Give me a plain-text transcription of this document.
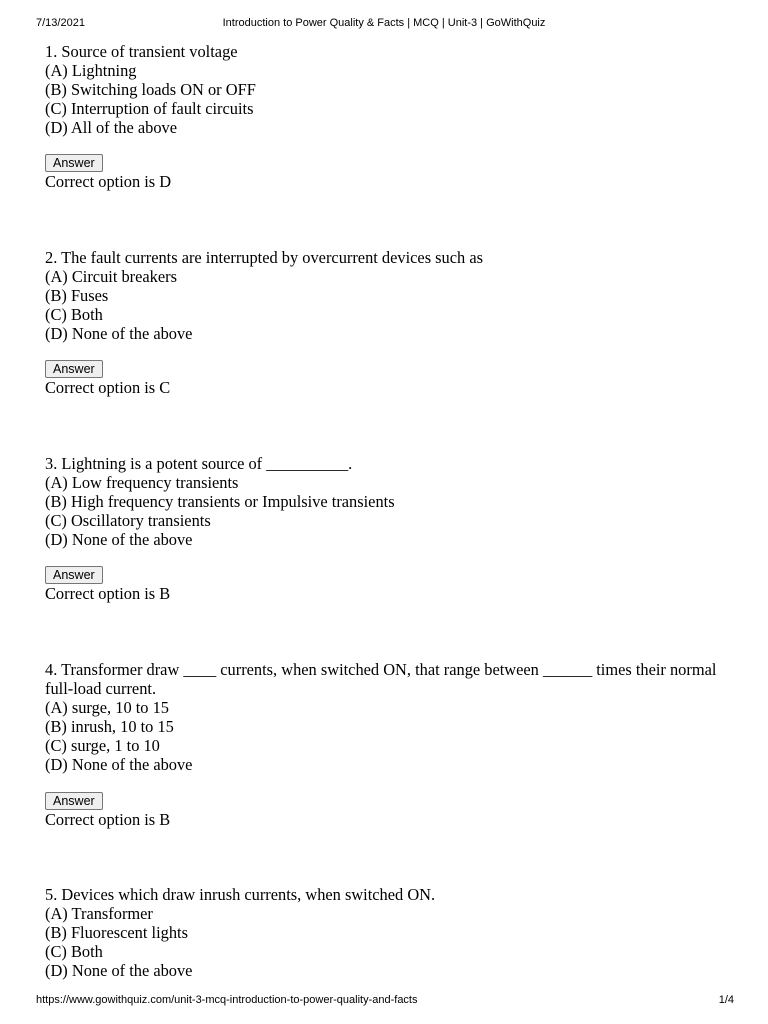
7/13/2021	Introduction to Power Quality & Facts | MCQ | Unit-3 | GoWithQuiz

1. Source of transient voltage

(A) Lightning

(B) Switching loads ON or OFF

(C) Interruption of fault circuits

(D) All of the above

Answer

Correct option is D

2. The fault currents are interrupted by overcurrent devices such as

(A) Circuit breakers

(B) Fuses

(C) Both

(D) None of the above

Answer

Correct option is C

3. Lightning is a potent source of __________.

(A) Low frequency transients

(B) High frequency transients or Impulsive transients

(C) Oscillatory transients

(D) None of the above

Answer

Correct option is B

4. Transformer draw ____ currents, when switched ON, that range between ______ times their normal full-load current.

(A) surge, 10 to 15

(B) inrush, 10 to 15

(C) surge, 1 to 10

(D) None of the above

Answer

Correct option is B

5. Devices which draw inrush currents, when switched ON.

(A) Transformer

(B) Fluorescent lights

(C) Both

(D) None of the above

https://www.gowithquiz.com/unit-3-mcq-introduction-to-power-quality-and-facts	1/4
